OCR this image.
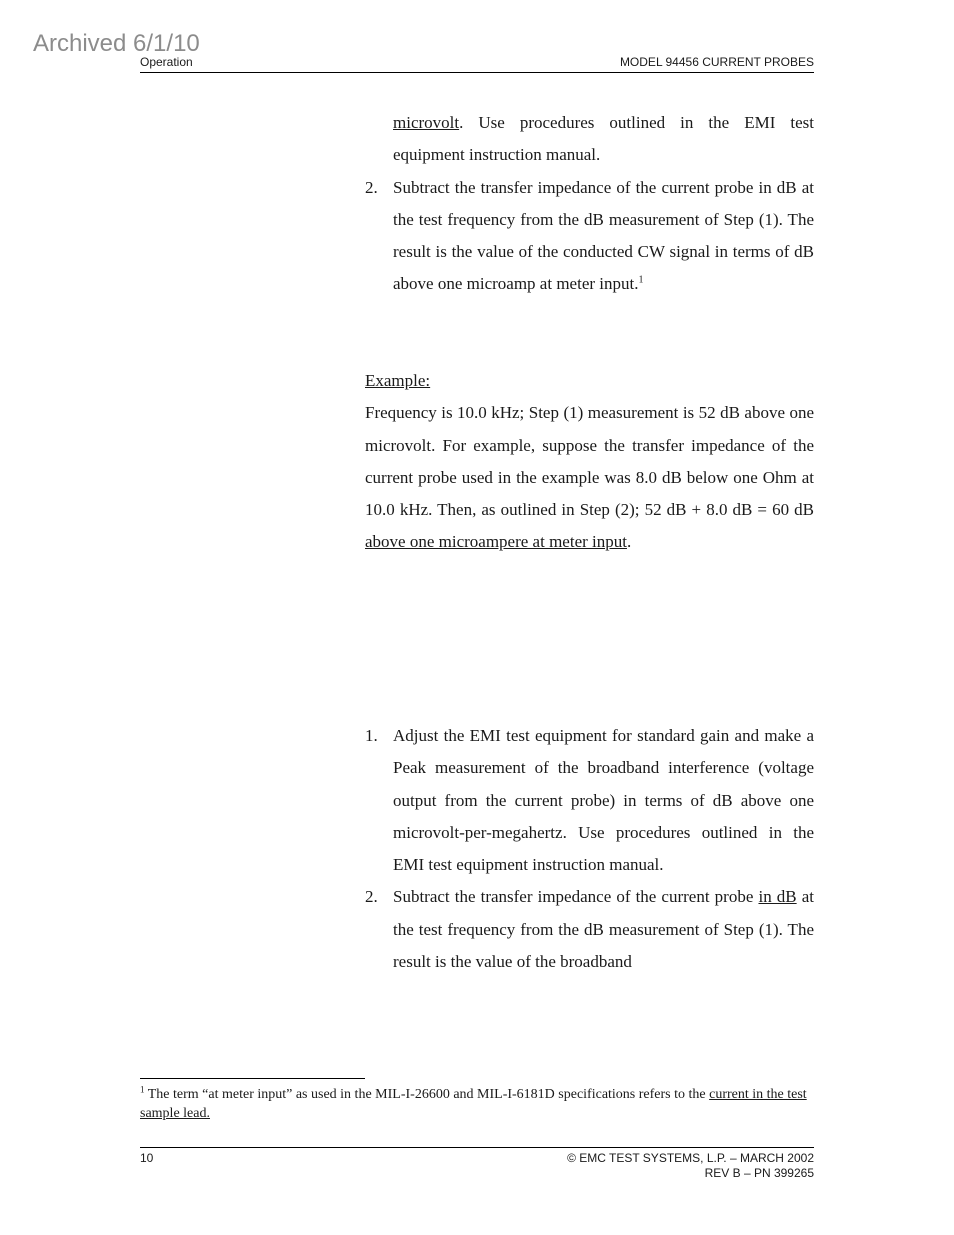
Archived 6/1/10
Operation	MODEL 94456 CURRENT PROBES

microvolt. Use procedures outlined in the EMI test equipment instruction manual.

2. Subtract the transfer impedance of the current probe in dB at the test frequency from the dB measurement of Step (1). The result is the value of the conducted CW signal in terms of dB above one microamp at meter input.$^1$

Example:

Frequency is 10.0 kHz; Step (1) measurement is 52 dB above one microvolt. For example, suppose the transfer impedance of the current probe used in the example was 8.0 dB below one Ohm at 10.0 kHz. Then, as outlined in Step (2); 52 dB + 8.0 dB = 60 dB above one microampere at meter input.

1. Adjust the EMI test equipment for standard gain and make a Peak measurement of the broadband interference (voltage output from the current probe) in terms of dB above one microvolt-per-megahertz. Use procedures outlined in the EMI test equipment instruction manual.

2. Subtract the transfer impedance of the current probe in dB at the test frequency from the dB measurement of Step (1). The result is the value of the broadband

$^1$ The term “at meter input” as used in the MIL-I-26600 and MIL-I-6181D specifications refers to the current in the test sample lead.
10	© EMC TEST SYSTEMS, L.P. – MARCH 2002
REV B – PN 399265
